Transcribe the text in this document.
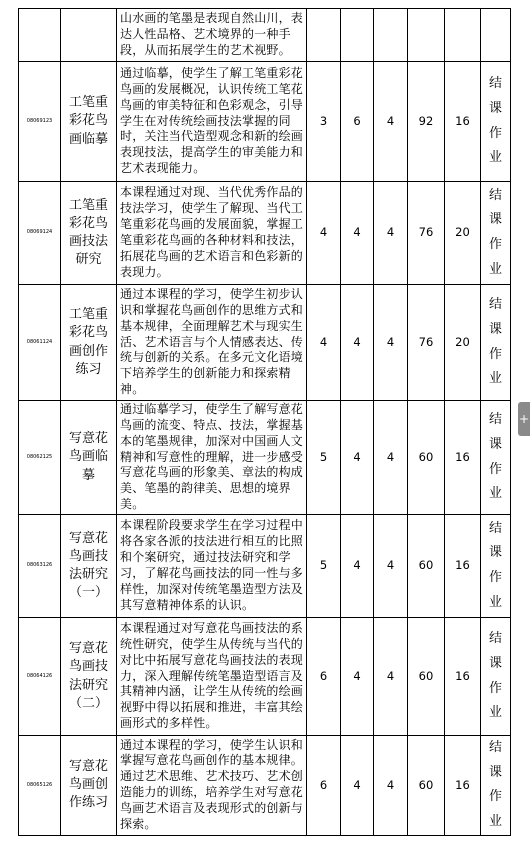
		山水画的笔墨是表现自然山川，表达人性品格、艺术境界的一种手段，从而拓展学生的艺术视野。						
08069123	工笔重彩花鸟画临摹	通过临摹，使学生了解工笔重彩花鸟画的发展概况，认识传统工笔花鸟画的审美特征和色彩观念，引导学生在对传统绘画技法掌握的同时，关注当代造型观念和新的绘画表现技法，提高学生的审美能力和艺术表现能力。	3	6	4	92	16	结课作业
08069124	工笔重彩花鸟画技法研究	本课程通过对现、当代优秀作品的技法学习，使学生了解现、当代工笔重彩花鸟画的发展面貌，掌握工笔重彩花鸟画的各种材料和技法，拓展花鸟画的艺术语言和色彩新的表现力。	4	4	4	76	20	结课作业
08061124	工笔重彩花鸟画创作练习	通过本课程的学习，使学生初步认识和掌握花鸟画创作的思维方式和基本规律，全面理解艺术与现实生活、艺术语言与个人情感表达、传统与创新的关系。在多元文化语境下培养学生的创新能力和探索精神。	4	4	4	76	20	结课作业
08062125	写意花鸟画临摹	通过临摹学习，使学生了解写意花鸟画的流变、特点、技法，掌握基本的笔墨规律，加深对中国画人文精神和写意性的理解，进一步感受写意花鸟画的形象美、章法的构成美、笔墨的韵律美、思想的境界美。	5	4	4	60	16	结课作业
08063126	写意花鸟画技法研究（一）	本课程阶段要求学生在学习过程中将各家各派的技法进行相互的比照和个案研究，通过技法研究和学习，了解花鸟画技法的同一性与多样性，加深对传统笔墨造型方法及其写意精神体系的认识。	5	4	4	60	16	结课作业
08064126	写意花鸟画技法研究（二）	本课程通过对写意花鸟画技法的系统性研究，使学生从传统与当代的对比中拓展写意花鸟画技法的表现力，深入理解传统笔墨造型语言及其精神内涵，让学生从传统的绘画视野中得以拓展和推进，丰富其绘画形式的多样性。	6	4	4	60	16	结课作业
08065126	写意花鸟画创作练习	通过本课程的学习，使学生认识和掌握写意花鸟画创作的基本规律。通过艺术思维、艺术技巧、艺术创造能力的训练，培养学生对写意花鸟画艺术语言及表现形式的创新与探索。	6	4	4	60	16	结课作业
+
